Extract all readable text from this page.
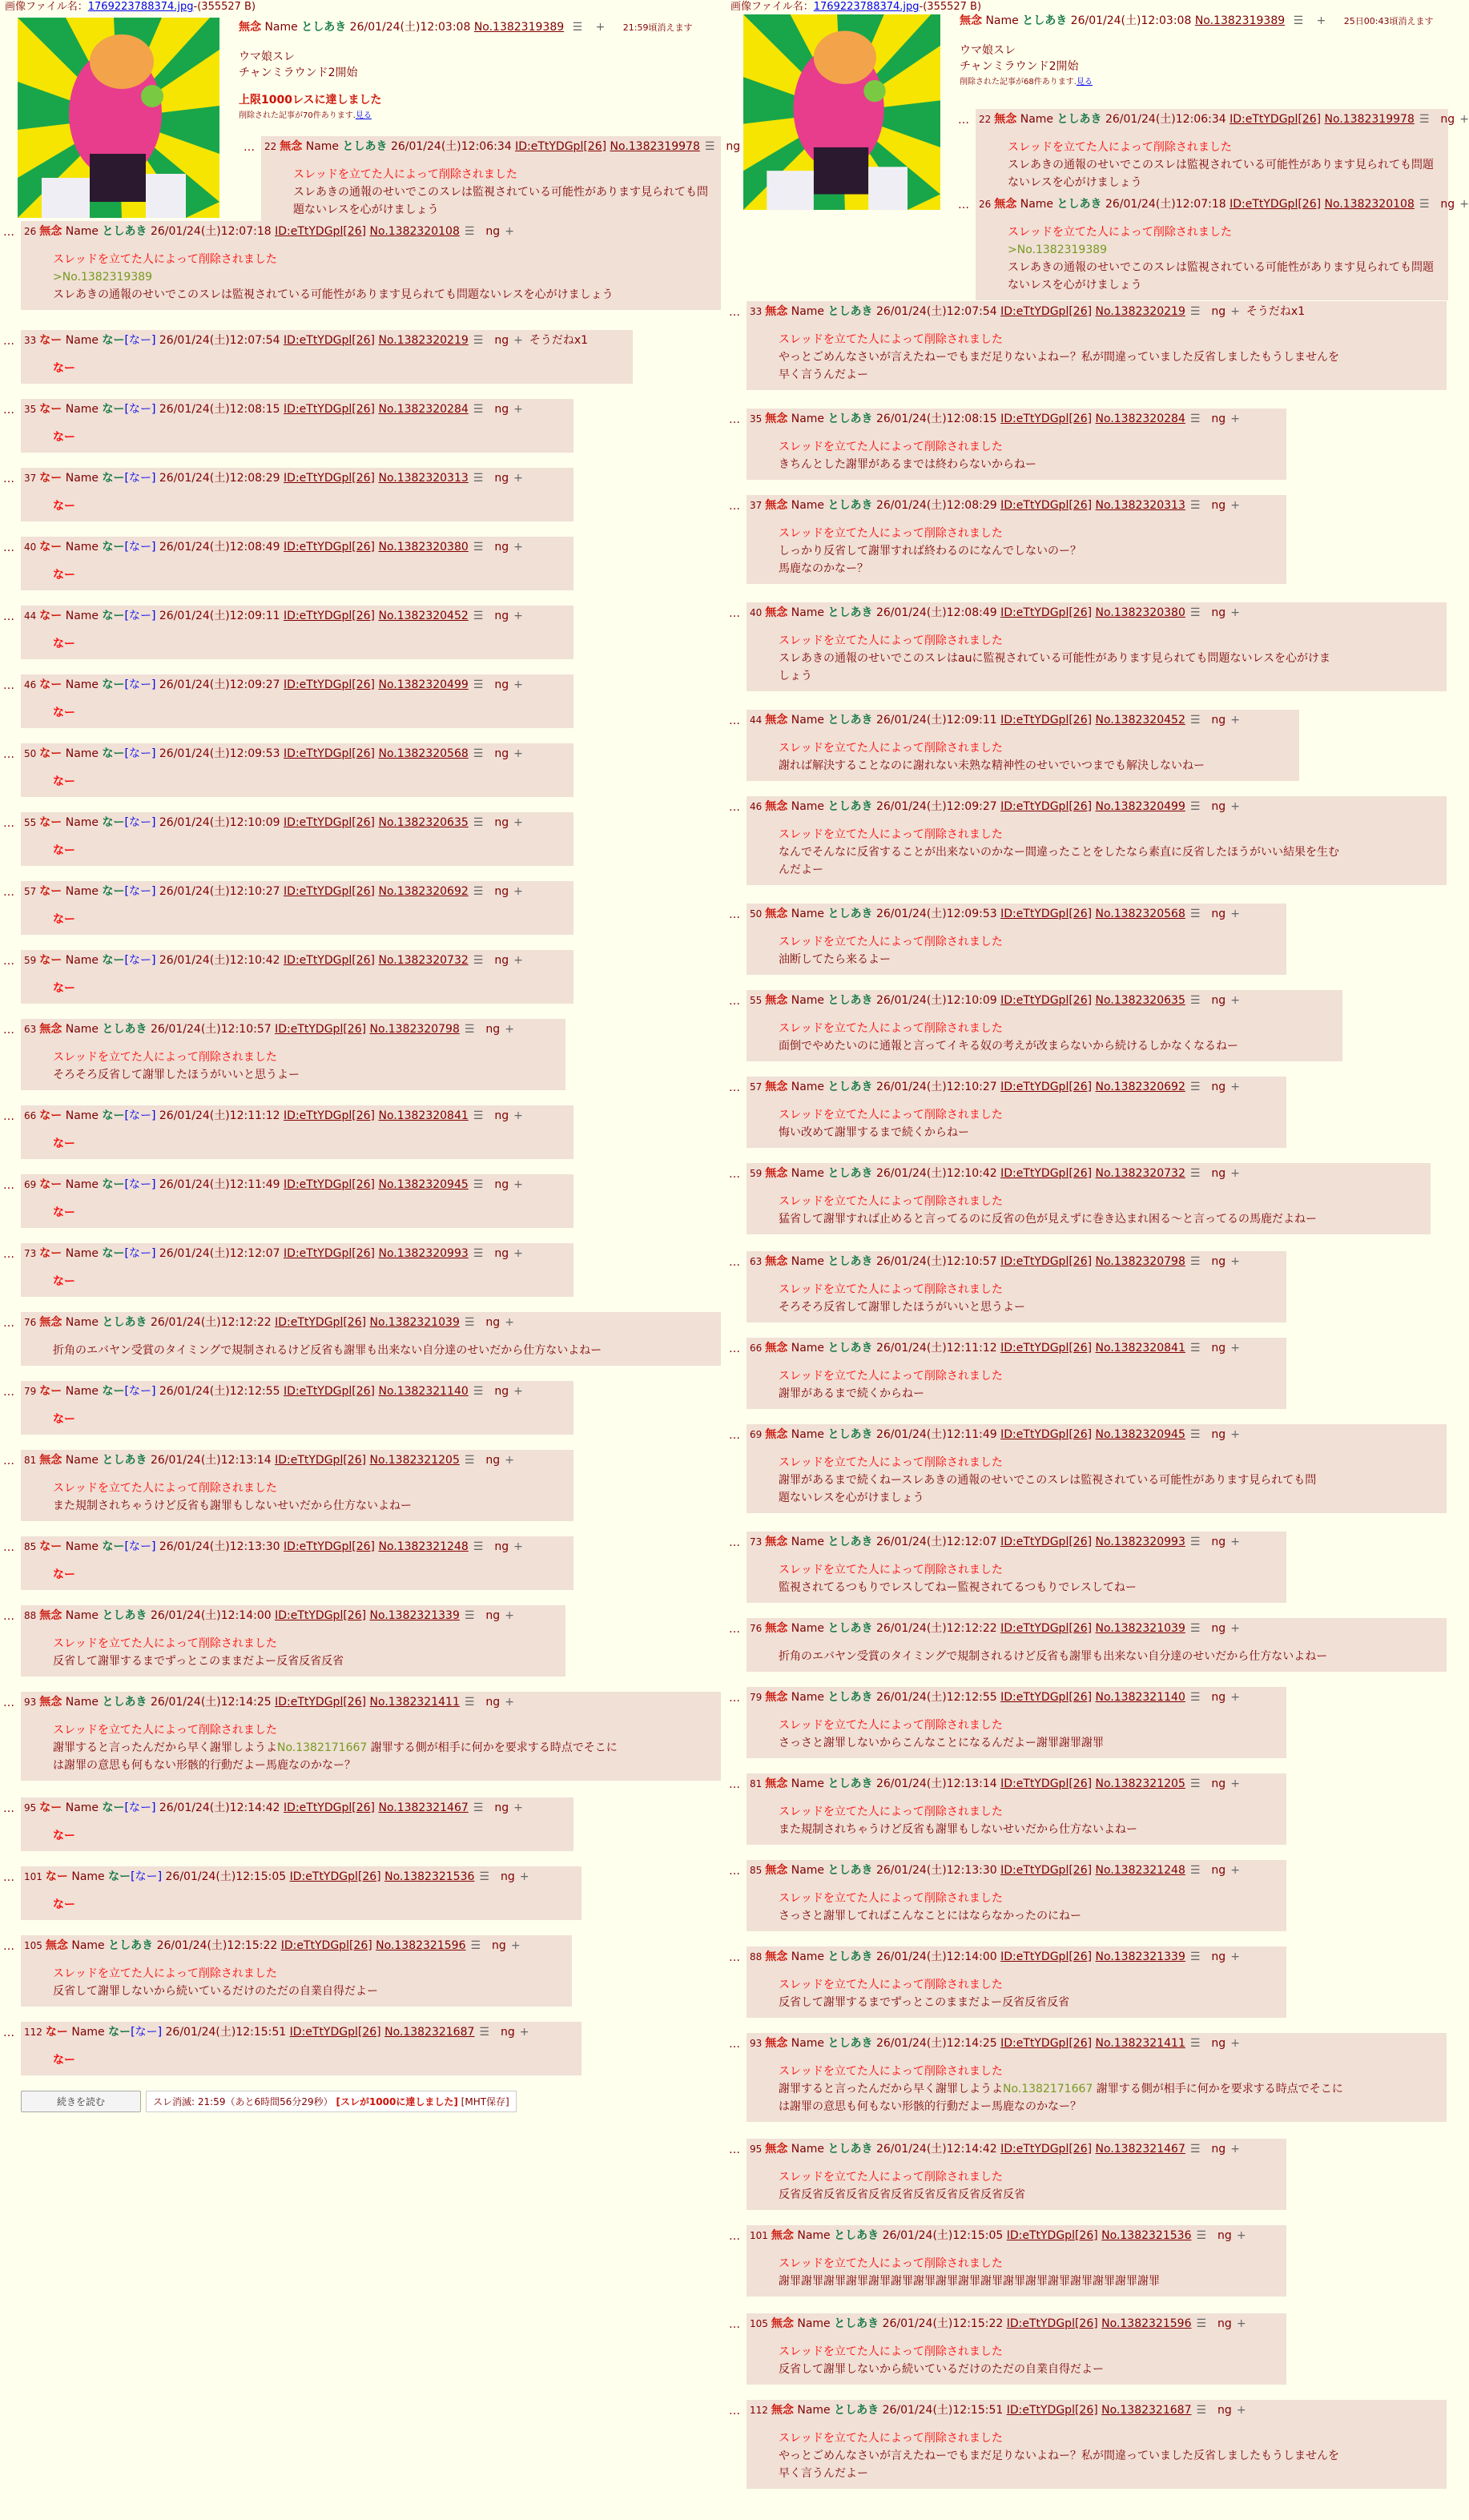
画像ファイル名：1769223788374.jpg-(355527 B)
無念 Name としあき 26/01/24(土)12:03:08 No.1382319389 ☰ + 21:59頃消えます
ウマ娘スレ
チャンミラウンド2開始
上限1000レスに達しました
削除された記事が70件あります.見る
…	22 無念 Name としあき 26/01/24(土)12:06:34 ID:eTtYDGpl[26] No.1382319978 ☰ ng
スレッドを立てた人によって削除されました
スレあきの通報のせいでこのスレは監視されている可能性があります見られても問題ないレスを心がけましょう
…	26 無念 Name としあき 26/01/24(土)12:07:18 ID:eTtYDGpl[26] No.1382320108 ☰ ng +
スレッドを立てた人によって削除されました
>No.1382319389
スレあきの通報のせいでこのスレは監視されている可能性があります見られても問題ないレスを心がけましょう
…	33 なー Name なー[なー] 26/01/24(土)12:07:54 ID:eTtYDGpl[26] No.1382320219 ☰ ng + そうだねx1
なー
…	35 なー Name なー[なー] 26/01/24(土)12:08:15 ID:eTtYDGpl[26] No.1382320284 ☰ ng +
なー
…	37 なー Name なー[なー] 26/01/24(土)12:08:29 ID:eTtYDGpl[26] No.1382320313 ☰ ng +
なー
…	40 なー Name なー[なー] 26/01/24(土)12:08:49 ID:eTtYDGpl[26] No.1382320380 ☰ ng +
なー
…	44 なー Name なー[なー] 26/01/24(土)12:09:11 ID:eTtYDGpl[26] No.1382320452 ☰ ng +
なー
…	46 なー Name なー[なー] 26/01/24(土)12:09:27 ID:eTtYDGpl[26] No.1382320499 ☰ ng +
なー
…	50 なー Name なー[なー] 26/01/24(土)12:09:53 ID:eTtYDGpl[26] No.1382320568 ☰ ng +
なー
…	55 なー Name なー[なー] 26/01/24(土)12:10:09 ID:eTtYDGpl[26] No.1382320635 ☰ ng +
なー
…	57 なー Name なー[なー] 26/01/24(土)12:10:27 ID:eTtYDGpl[26] No.1382320692 ☰ ng +
なー
…	59 なー Name なー[なー] 26/01/24(土)12:10:42 ID:eTtYDGpl[26] No.1382320732 ☰ ng +
なー
…	63 無念 Name としあき 26/01/24(土)12:10:57 ID:eTtYDGpl[26] No.1382320798 ☰ ng +
スレッドを立てた人によって削除されました
そろそろ反省して謝罪したほうがいいと思うよー
…	66 なー Name なー[なー] 26/01/24(土)12:11:12 ID:eTtYDGpl[26] No.1382320841 ☰ ng +
なー
…	69 なー Name なー[なー] 26/01/24(土)12:11:49 ID:eTtYDGpl[26] No.1382320945 ☰ ng +
なー
…	73 なー Name なー[なー] 26/01/24(土)12:12:07 ID:eTtYDGpl[26] No.1382320993 ☰ ng +
なー
…	76 無念 Name としあき 26/01/24(土)12:12:22 ID:eTtYDGpl[26] No.1382321039 ☰ ng +
折角のエバヤン受賞のタイミングで規制されるけど反省も謝罪も出来ない自分達のせいだから仕方ないよねー
…	79 なー Name なー[なー] 26/01/24(土)12:12:55 ID:eTtYDGpl[26] No.1382321140 ☰ ng +
なー
…	81 無念 Name としあき 26/01/24(土)12:13:14 ID:eTtYDGpl[26] No.1382321205 ☰ ng +
スレッドを立てた人によって削除されました
また規制されちゃうけど反省も謝罪もしないせいだから仕方ないよねー
…	85 なー Name なー[なー] 26/01/24(土)12:13:30 ID:eTtYDGpl[26] No.1382321248 ☰ ng +
なー
…	88 無念 Name としあき 26/01/24(土)12:14:00 ID:eTtYDGpl[26] No.1382321339 ☰ ng +
スレッドを立てた人によって削除されました
反省して謝罪するまでずっとこのままだよー反省反省反省
…	93 無念 Name としあき 26/01/24(土)12:14:25 ID:eTtYDGpl[26] No.1382321411 ☰ ng +
スレッドを立てた人によって削除されました
謝罪すると言ったんだから早く謝罪しようよNo.1382171667 謝罪する側が相手に何かを要求する時点でそこに
は謝罪の意思も何もない形骸的行動だよー馬鹿なのかなー？
…	95 なー Name なー[なー] 26/01/24(土)12:14:42 ID:eTtYDGpl[26] No.1382321467 ☰ ng +
なー
…	101 なー Name なー[なー] 26/01/24(土)12:15:05 ID:eTtYDGpl[26] No.1382321536 ☰ ng +
なー
…	105 無念 Name としあき 26/01/24(土)12:15:22 ID:eTtYDGpl[26] No.1382321596 ☰ ng +
スレッドを立てた人によって削除されました
反省して謝罪しないから続いているだけのただの自業自得だよー
…	112 なー Name なー[なー] 26/01/24(土)12:15:51 ID:eTtYDGpl[26] No.1382321687 ☰ ng +
なー
続きを読む	スレ消滅: 21:59（あと6時間56分29秒） [スレが1000に達しました] [MHT保存]
画像ファイル名：1769223788374.jpg-(355527 B)
無念 Name としあき 26/01/24(土)12:03:08 No.1382319389 ☰ + 25日00:43頃消えます
ウマ娘スレ
チャンミラウンド2開始
削除された記事が68件あります.見る
…	22 無念 Name としあき 26/01/24(土)12:06:34 ID:eTtYDGpl[26] No.1382319978 ☰ ng +
スレッドを立てた人によって削除されました
スレあきの通報のせいでこのスレは監視されている可能性があります見られても問題ないレスを心がけましょう
…	26 無念 Name としあき 26/01/24(土)12:07:18 ID:eTtYDGpl[26] No.1382320108 ☰ ng +
スレッドを立てた人によって削除されました
>No.1382319389
スレあきの通報のせいでこのスレは監視されている可能性があります見られても問題ないレスを心がけましょう
…	33 無念 Name としあき 26/01/24(土)12:07:54 ID:eTtYDGpl[26] No.1382320219 ☰ ng + そうだねx1
スレッドを立てた人によって削除されました
やっとごめんなさいが言えたねーでもまだ足りないよねー？私が間違っていました反省しましたもうしませんを
早く言うんだよー
…	35 無念 Name としあき 26/01/24(土)12:08:15 ID:eTtYDGpl[26] No.1382320284 ☰ ng +
スレッドを立てた人によって削除されました
きちんとした謝罪があるまでは終わらないからねー
…	37 無念 Name としあき 26/01/24(土)12:08:29 ID:eTtYDGpl[26] No.1382320313 ☰ ng +
スレッドを立てた人によって削除されました
しっかり反省して謝罪すれば終わるのになんでしないのー？
馬鹿なのかなー？
…	40 無念 Name としあき 26/01/24(土)12:08:49 ID:eTtYDGpl[26] No.1382320380 ☰ ng +
スレッドを立てた人によって削除されました
スレあきの通報のせいでこのスレはauに監視されている可能性があります見られても問題ないレスを心がけま
しょう
…	44 無念 Name としあき 26/01/24(土)12:09:11 ID:eTtYDGpl[26] No.1382320452 ☰ ng +
スレッドを立てた人によって削除されました
謝れば解決することなのに謝れない未熟な精神性のせいでいつまでも解決しないねー
…	46 無念 Name としあき 26/01/24(土)12:09:27 ID:eTtYDGpl[26] No.1382320499 ☰ ng +
スレッドを立てた人によって削除されました
なんでそんなに反省することが出来ないのかなー間違ったことをしたなら素直に反省したほうがいい結果を生む
んだよー
…	50 無念 Name としあき 26/01/24(土)12:09:53 ID:eTtYDGpl[26] No.1382320568 ☰ ng +
スレッドを立てた人によって削除されました
油断してたら来るよー
…	55 無念 Name としあき 26/01/24(土)12:10:09 ID:eTtYDGpl[26] No.1382320635 ☰ ng +
スレッドを立てた人によって削除されました
面倒でやめたいのに通報と言ってイキる奴の考えが改まらないから続けるしかなくなるねー
…	57 無念 Name としあき 26/01/24(土)12:10:27 ID:eTtYDGpl[26] No.1382320692 ☰ ng +
スレッドを立てた人によって削除されました
悔い改めて謝罪するまで続くからねー
…	59 無念 Name としあき 26/01/24(土)12:10:42 ID:eTtYDGpl[26] No.1382320732 ☰ ng +
スレッドを立てた人によって削除されました
猛省して謝罪すれば止めると言ってるのに反省の色が見えずに巻き込まれ困る〜と言ってるの馬鹿だよねー
…	63 無念 Name としあき 26/01/24(土)12:10:57 ID:eTtYDGpl[26] No.1382320798 ☰ ng +
スレッドを立てた人によって削除されました
そろそろ反省して謝罪したほうがいいと思うよー
…	66 無念 Name としあき 26/01/24(土)12:11:12 ID:eTtYDGpl[26] No.1382320841 ☰ ng +
スレッドを立てた人によって削除されました
謝罪があるまで続くからねー
…	69 無念 Name としあき 26/01/24(土)12:11:49 ID:eTtYDGpl[26] No.1382320945 ☰ ng +
スレッドを立てた人によって削除されました
謝罪があるまで続くねースレあきの通報のせいでこのスレは監視されている可能性があります見られても問
題ないレスを心がけましょう
…	73 無念 Name としあき 26/01/24(土)12:12:07 ID:eTtYDGpl[26] No.1382320993 ☰ ng +
スレッドを立てた人によって削除されました
監視されてるつもりでレスしてねー監視されてるつもりでレスしてねー
…	76 無念 Name としあき 26/01/24(土)12:12:22 ID:eTtYDGpl[26] No.1382321039 ☰ ng +
折角のエバヤン受賞のタイミングで規制されるけど反省も謝罪も出来ない自分達のせいだから仕方ないよねー
…	79 無念 Name としあき 26/01/24(土)12:12:55 ID:eTtYDGpl[26] No.1382321140 ☰ ng +
スレッドを立てた人によって削除されました
さっさと謝罪しないからこんなことになるんだよー謝罪謝罪謝罪
…	81 無念 Name としあき 26/01/24(土)12:13:14 ID:eTtYDGpl[26] No.1382321205 ☰ ng +
スレッドを立てた人によって削除されました
また規制されちゃうけど反省も謝罪もしないせいだから仕方ないよねー
…	85 無念 Name としあき 26/01/24(土)12:13:30 ID:eTtYDGpl[26] No.1382321248 ☰ ng +
スレッドを立てた人によって削除されました
さっさと謝罪してればこんなことにはならなかったのにねー
…	88 無念 Name としあき 26/01/24(土)12:14:00 ID:eTtYDGpl[26] No.1382321339 ☰ ng +
スレッドを立てた人によって削除されました
反省して謝罪するまでずっとこのままだよー反省反省反省
…	93 無念 Name としあき 26/01/24(土)12:14:25 ID:eTtYDGpl[26] No.1382321411 ☰ ng +
スレッドを立てた人によって削除されました
謝罪すると言ったんだから早く謝罪しようよNo.1382171667 謝罪する側が相手に何かを要求する時点でそこに
は謝罪の意思も何もない形骸的行動だよー馬鹿なのかなー？
…	95 無念 Name としあき 26/01/24(土)12:14:42 ID:eTtYDGpl[26] No.1382321467 ☰ ng +
スレッドを立てた人によって削除されました
反省反省反省反省反省反省反省反省反省反省反省
…	101 無念 Name としあき 26/01/24(土)12:15:05 ID:eTtYDGpl[26] No.1382321536 ☰ ng +
スレッドを立てた人によって削除されました
謝罪謝罪謝罪謝罪謝罪謝罪謝罪謝罪謝罪謝罪謝罪謝罪謝罪謝罪謝罪謝罪謝罪
…	105 無念 Name としあき 26/01/24(土)12:15:22 ID:eTtYDGpl[26] No.1382321596 ☰ ng +
スレッドを立てた人によって削除されました
反省して謝罪しないから続いているだけのただの自業自得だよー
…	112 無念 Name としあき 26/01/24(土)12:15:51 ID:eTtYDGpl[26] No.1382321687 ☰ ng +
スレッドを立てた人によって削除されました
やっとごめんなさいが言えたねーでもまだ足りないよねー？私が間違っていました反省しましたもうしませんを
早く言うんだよー
